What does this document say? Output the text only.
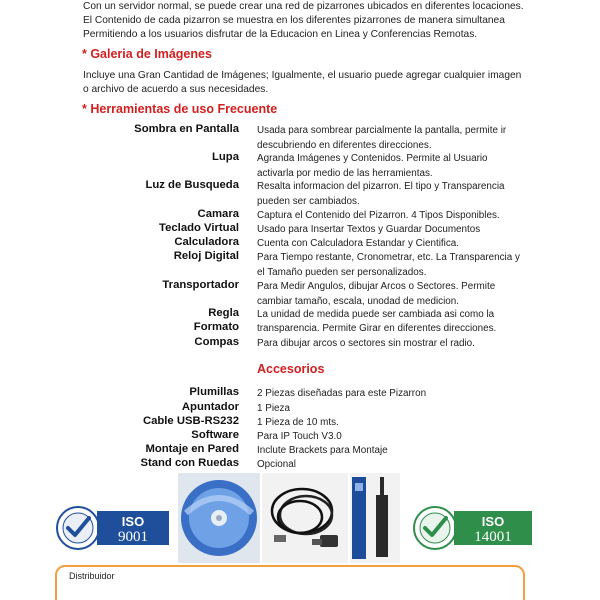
Con un servidor normal, se puede crear una red de pizarrones ubicados en diferentes locaciones.

El Contenido de cada pizarron se muestra en los diferentes pizarrones de manera simultanea

Permitiendo a los usuarios disfrutar de la Educacion en Linea y Conferencias Remotas.

* Galeria de Imágenes

Incluye una Gran Cantidad de Imágenes; Igualmente, el usuario puede agregar cualquier imagen

o archivo de acuerdo a sus necesidades.

* Herramientas de uso Frecuente
Sombra en Pantalla Usada para sombrear parcialmente la pantalla, permite ir descubriendo en diferentes direcciones.
Lupa Agranda Imágenes y Contenidos. Permite al Usuario activarla por medio de las herramientas.
Luz de Busqueda Resalta informacion del pizarron. El tipo y Transparencia pueden ser cambiados.
Camara Captura el Contenido del Pizarron. 4 Tipos Disponibles.
Teclado Virtual Usado para Insertar Textos y Guardar Documentos
Calculadora Cuenta con Calculadora Estandar y Cientifica.
Reloj Digital Para Tiempo restante, Cronometrar, etc. La Transparencia y el Tamaño pueden ser personalizados.
Transportador Para Medir Angulos, dibujar Arcos o Sectores. Permite cambiar tamaño, escala, unodad de medicion.
Regla La unidad de medida puede ser cambiada asi como la
Formato transparencia. Permite Girar en diferentes direcciones.
Compas Para dibujar arcos o sectores sin mostrar el radio.
Accesorios
Plumillas 2 Piezas diseñadas para este Pizarron
Apuntador 1 Pieza
Cable USB-RS232 1 Pieza de 10 mts.
Software Para IP Touch V3.0
Montaje en Pared Inclute Brackets para Montaje
Stand con Ruedas Opcional
ISO
9001
ISO
14001
Distribuidor
